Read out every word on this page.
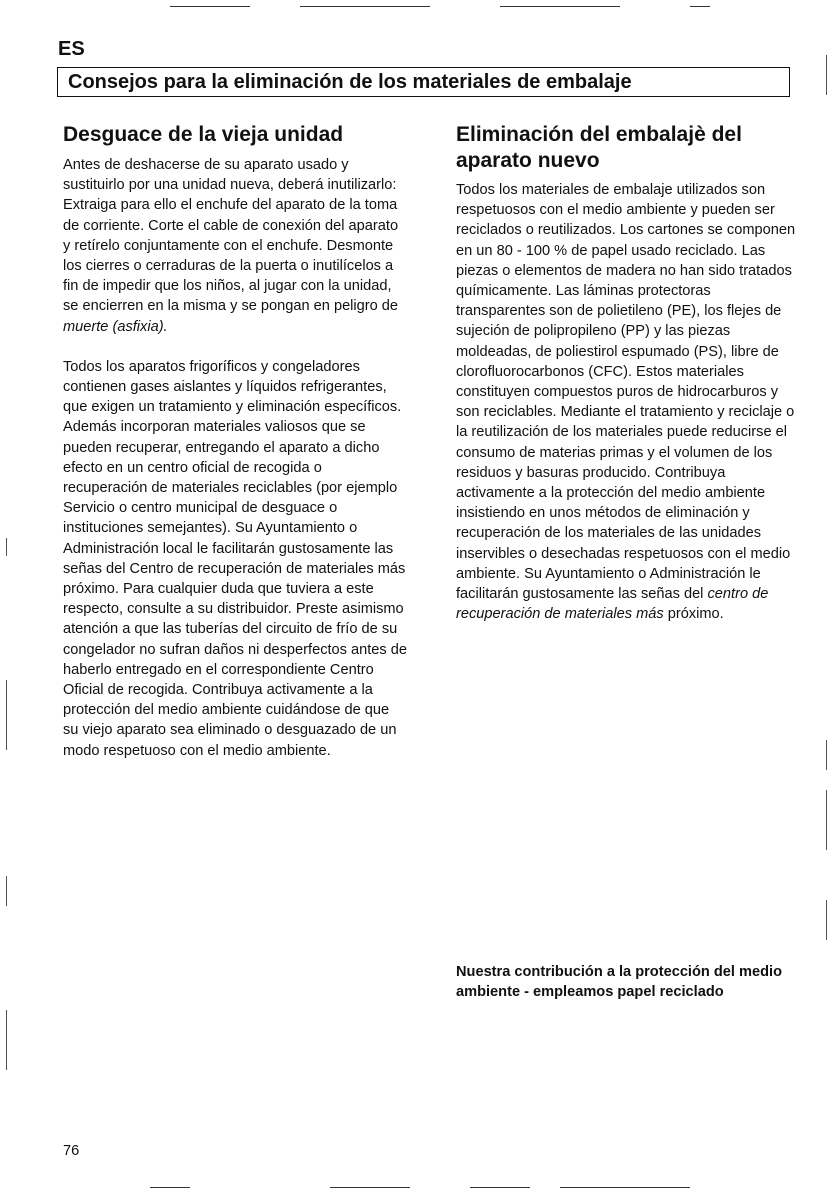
ES
Consejos para la eliminación de los materiales de embalaje
Desguace de la vieja unidad

Antes de deshacerse de su aparato usado y sustituirlo por una unidad nueva, deberá inutilizarlo: Extraiga para ello el enchufe del aparato de la toma de corriente. Corte el cable de conexión del aparato y retírelo conjuntamente con el enchufe. Desmonte los cierres o cerraduras de la puerta o inutilícelos a fin de impedir que los niños, al jugar con la unidad, se encierren en la misma y se pongan en peligro de muerte (asfixia).

Todos los aparatos frigoríficos y congeladores contienen gases aislantes y líquidos refrigerantes, que exigen un tratamiento y eliminación específicos. Además incorporan materiales valiosos que se pueden recuperar, entregando el aparato a dicho efecto en un centro oficial de recogida o recuperación de materiales reciclables (por ejemplo Servicio o centro municipal de desguace o instituciones semejantes). Su Ayuntamiento o Administración local le facilitarán gustosamente las señas del Centro de recuperación de materiales más próximo. Para cualquier duda que tuviera a este respecto, consulte a su distribuidor. Preste asimismo atención a que las tuberías del circuito de frío de su congelador no sufran daños ni desperfectos antes de haberlo entregado en el correspondiente Centro Oficial de recogida. Contribuya activamente a la protección del medio ambiente cuidándose de que su viejo aparato sea eliminado o desguazado de un modo respetuoso con el medio ambiente.

Eliminación del embalajè del aparato nuevo

Todos los materiales de embalaje utilizados son respetuosos con el medio ambiente y pueden ser reciclados o reutilizados. Los cartones se componen en un 80 - 100 % de papel usado reciclado. Las piezas o elementos de madera no han sido tratados químicamente. Las láminas protectoras transparentes son de polietileno (PE), los flejes de sujeción de polipropileno (PP) y las piezas moldeadas, de poliestirol espumado (PS), libre de clorofluorocarbonos (CFC). Estos materiales constituyen compuestos puros de hidrocarburos y son reciclables. Mediante el tratamiento y reciclaje o la reutilización de los materiales puede reducirse el consumo de materias primas y el volumen de los residuos y basuras producido. Contribuya activamente a la protección del medio ambiente insistiendo en unos métodos de eliminación y recuperación de los materiales de las unidades inservibles o desechadas respetuosos con el medio ambiente. Su Ayuntamiento o Administración le facilitarán gustosamente las señas del centro de recuperación de materiales más próximo.

Nuestra contribución a la protección del medio ambiente - empleamos papel reciclado
76
